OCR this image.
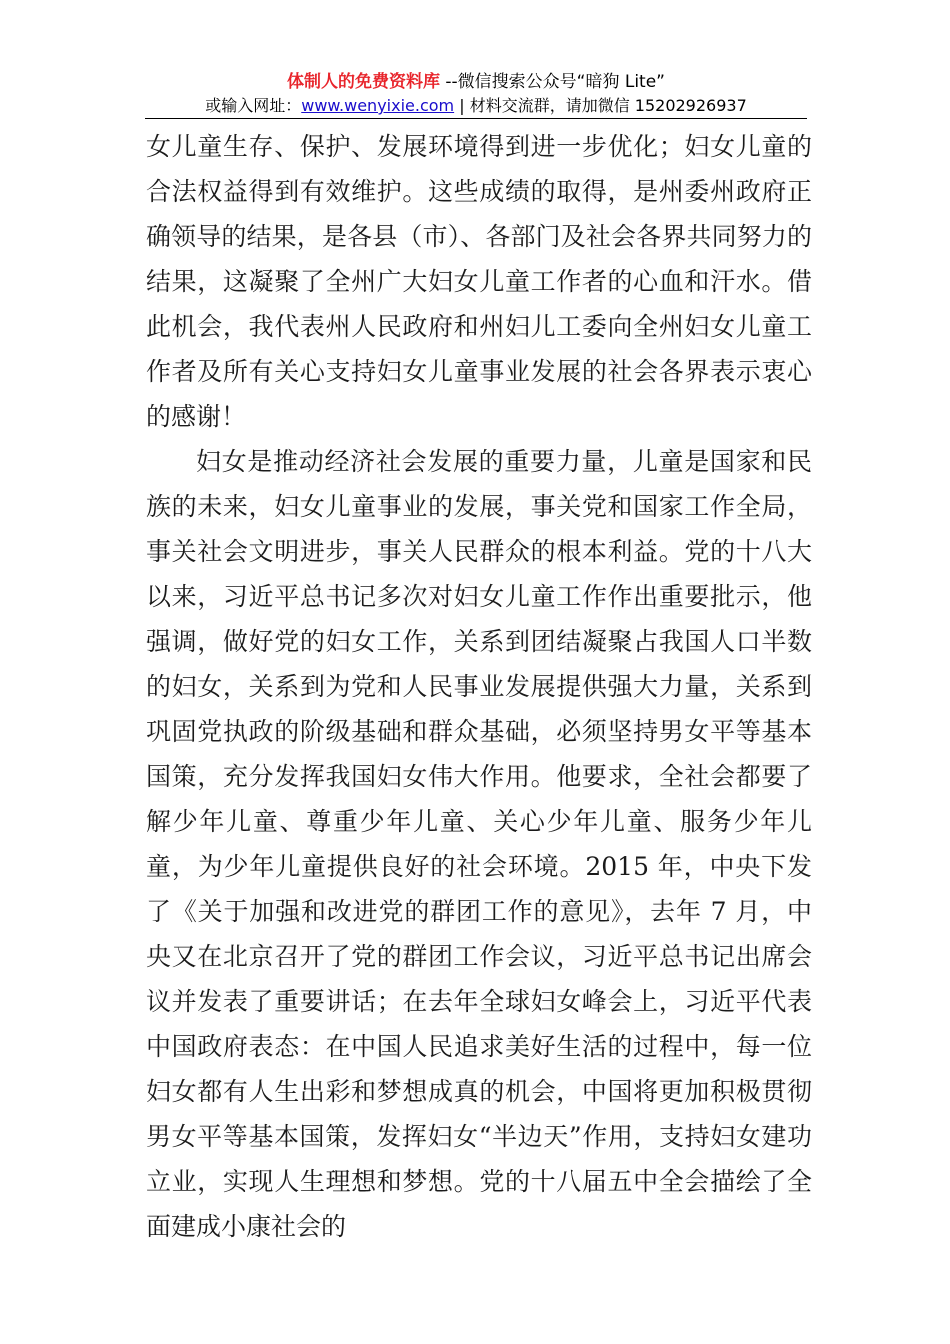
体制人的免费资料库 --微信搜索公众号“暗狗 Lite”
或输入网址：www.wenyixie.com | 材料交流群，请加微信 15202926937

女儿童生存、保护、发展环境得到进一步优化；妇女儿童的合法权益得到有效维护。这些成绩的取得，是州委州政府正确领导的结果，是各县（市）、各部门及社会各界共同努力的结果，这凝聚了全州广大妇女儿童工作者的心血和汗水。借此机会，我代表州人民政府和州妇儿工委向全州妇女儿童工作者及所有关心支持妇女儿童事业发展的社会各界表示衷心的感谢！

妇女是推动经济社会发展的重要力量，儿童是国家和民族的未来，妇女儿童事业的发展，事关党和国家工作全局，事关社会文明进步，事关人民群众的根本利益。党的十八大以来，习近平总书记多次对妇女儿童工作作出重要批示，他强调，做好党的妇女工作，关系到团结凝聚占我国人口半数的妇女，关系到为党和人民事业发展提供强大力量，关系到巩固党执政的阶级基础和群众基础，必须坚持男女平等基本国策，充分发挥我国妇女伟大作用。他要求，全社会都要了解少年儿童、尊重少年儿童、关心少年儿童、服务少年儿童，为少年儿童提供良好的社会环境。2015 年，中央下发了《关于加强和改进党的群团工作的意见》，去年 7 月，中央又在北京召开了党的群团工作会议，习近平总书记出席会议并发表了重要讲话；在去年全球妇女峰会上，习近平代表中国政府表态：在中国人民追求美好生活的过程中，每一位妇女都有人生出彩和梦想成真的机会，中国将更加积极贯彻男女平等基本国策，发挥妇女“半边天”作用，支持妇女建功立业，实现人生理想和梦想。党的十八届五中全会描绘了全面建成小康社会的
